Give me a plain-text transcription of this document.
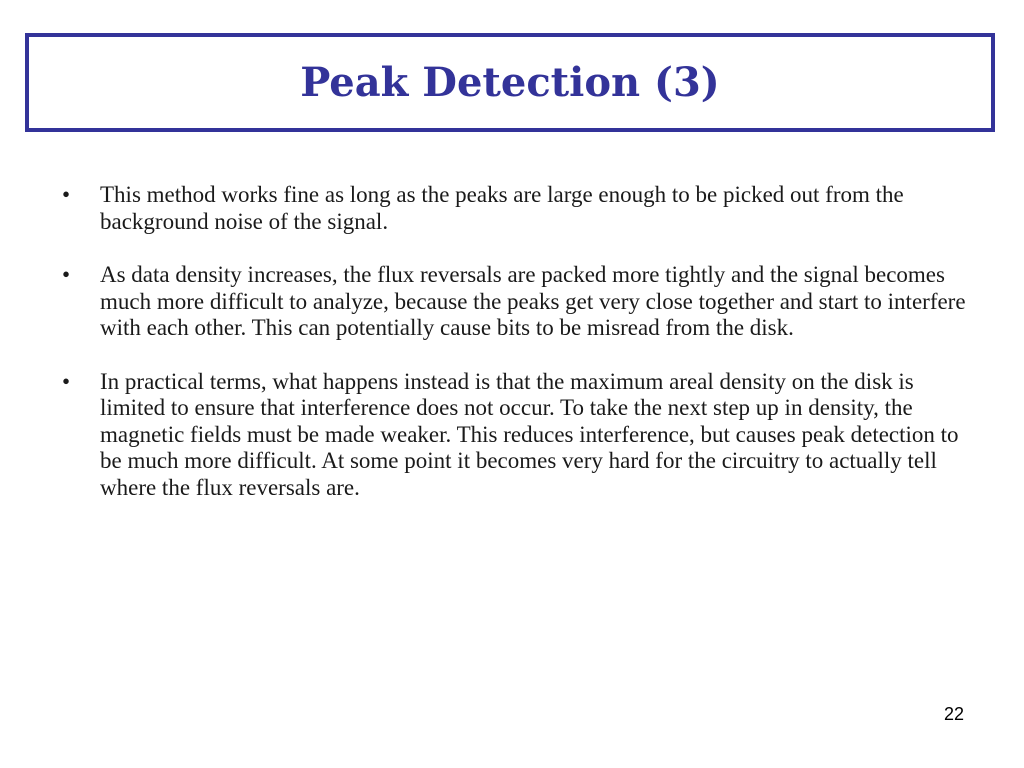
Peak Detection (3)
•	This method works fine as long as the peaks are large enough to be picked out from the background noise of the signal.
•	As data density increases, the flux reversals are packed more tightly and the signal becomes much more difficult to analyze, because the peaks get very close together and start to interfere with each other. This can potentially cause bits to be misread from the disk.
•	In practical terms, what happens instead is that the maximum areal density on the disk is limited to ensure that interference does not occur. To take the next step up in density, the magnetic fields must be made weaker. This reduces interference, but causes peak detection to be much more difficult. At some point it becomes very hard for the circuitry to actually tell where the flux reversals are.
22
